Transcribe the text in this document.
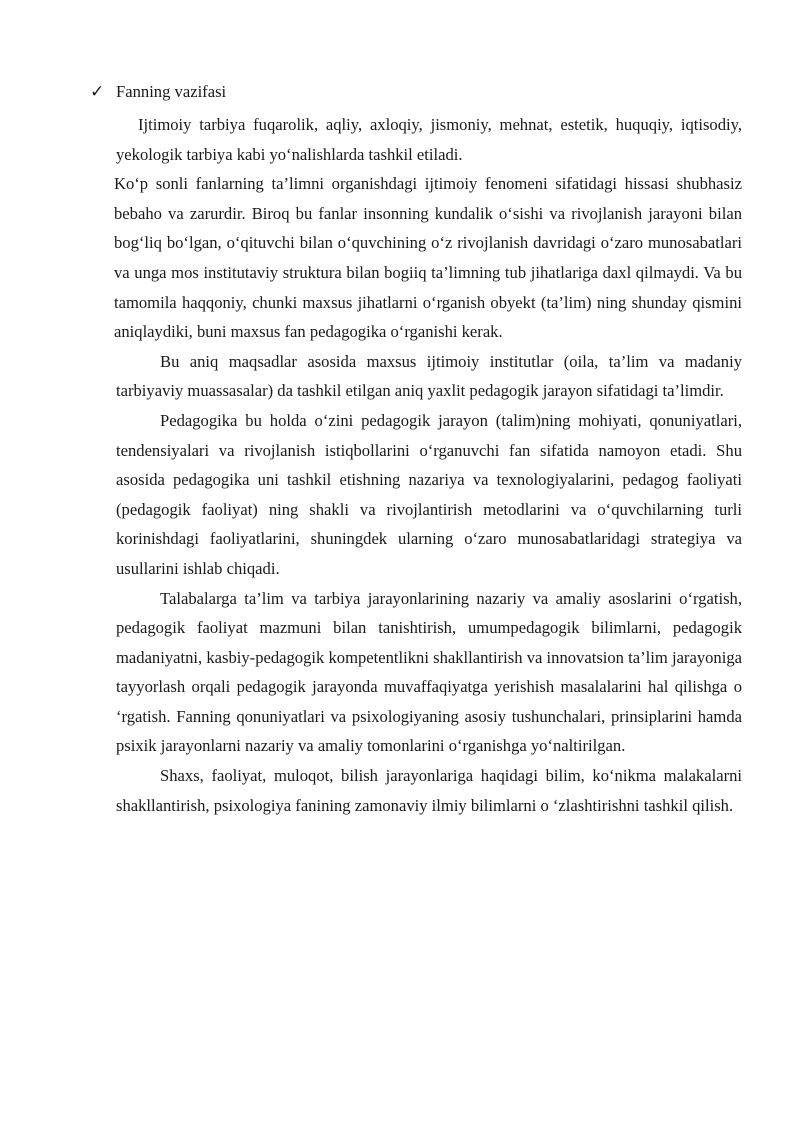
✓ Fanning vazifasi

Ijtimoiy tarbiya fuqarolik, aqliy, axloqiy, jismoniy, mehnat, estetik, huquqiy, iqtisodiy, yekologik tarbiya kabi yo‘nalishlarda tashkil etiladi.

Ko‘p sonli fanlarning ta’limni organishdagi ijtimoiy fenomeni sifatidagi hissasi shubhasiz bebaho va zarurdir. Biroq bu fanlar insonning kundalik o‘sishi va rivojlanish jarayoni bilan bog‘liq bo‘lgan, o‘qituvchi bilan o‘quvchining o‘z rivojlanish davridagi o‘zaro munosabatlari va unga mos institutaviy struktura bilan bogiiq ta’limning tub jihatlariga daxl qilmaydi. Va bu tamomila haqqoniy, chunki maxsus jihatlarni o‘rganish obyekt (ta’lim) ning shunday qismini aniqlaydiki, buni maxsus fan pedagogika o‘rganishi kerak.

Bu aniq maqsadlar asosida maxsus ijtimoiy institutlar (oila, ta’lim va madaniy tarbiyaviy muassasalar) da tashkil etilgan aniq yaxlit pedagogik jarayon sifatidagi ta’limdir.

Pedagogika bu holda o‘zini pedagogik jarayon (talim)ning mohiyati, qonuniyatlari, tendensiyalari va rivojlanish istiqbollarini o‘rganuvchi fan sifatida namoyon etadi. Shu asosida pedagogika uni tashkil etishning nazariya va texnologiyalarini, pedagog faoliyati (pedagogik faoliyat) ning shakli va rivojlantirish metodlarini va o‘quvchilarning turli korinishdagi faoliyatlarini, shuningdek ularning o‘zaro munosabatlaridagi strategiya va usullarini ishlab chiqadi.

Talabalarga ta’lim va tarbiya jarayonlarining nazariy va amaliy asoslarini o‘rgatish, pedagogik faoliyat mazmuni bilan tanishtirish, umumpedagogik bilimlarni, pedagogik madaniyatni, kasbiy-pedagogik kompetentlikni shakllantirish va innovatsion ta’lim jarayoniga tayyorlash orqali pedagogik jarayonda muvaffaqiyatga yerishish masalalarini hal qilishga o ‘rgatish. Fanning qonuniyatlari va psixologiyaning asosiy tushunchalari, prinsiplarini hamda psixik jarayonlarni nazariy va amaliy tomonlarini o‘rganishga yo‘naltirilgan.

Shaxs, faoliyat, muloqot, bilish jarayonlariga haqidagi bilim, ko‘nikma malakalarni shakllantirish, psixologiya fanining zamonaviy ilmiy bilimlarni o ‘zlashtirishni tashkil qilish.
